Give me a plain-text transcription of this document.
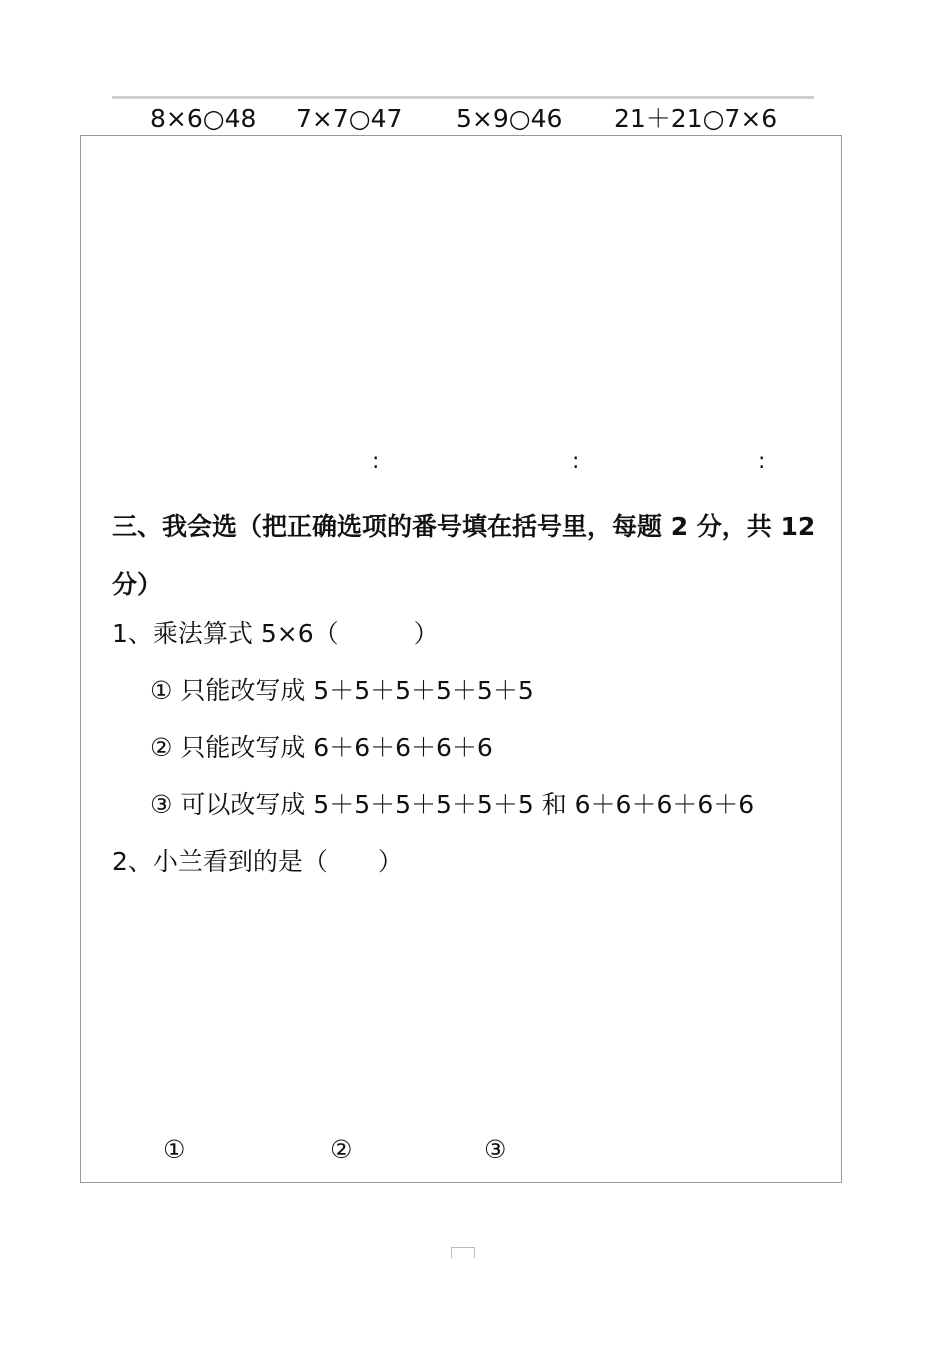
8×6○48 7×7○47 5×9○46 21＋21○7×6
:	:	:
三、我会选（把正确选项的番号填在括号里，每题 2 分，共 12 分）
1、乘法算式 5×6（　　　）
① 只能改写成 5＋5＋5＋5＋5＋5
② 只能改写成 6＋6＋6＋6＋6
③ 可以改写成 5＋5＋5＋5＋5＋5 和 6＋6＋6＋6＋6
2、小兰看到的是（　　）
①	②	③
